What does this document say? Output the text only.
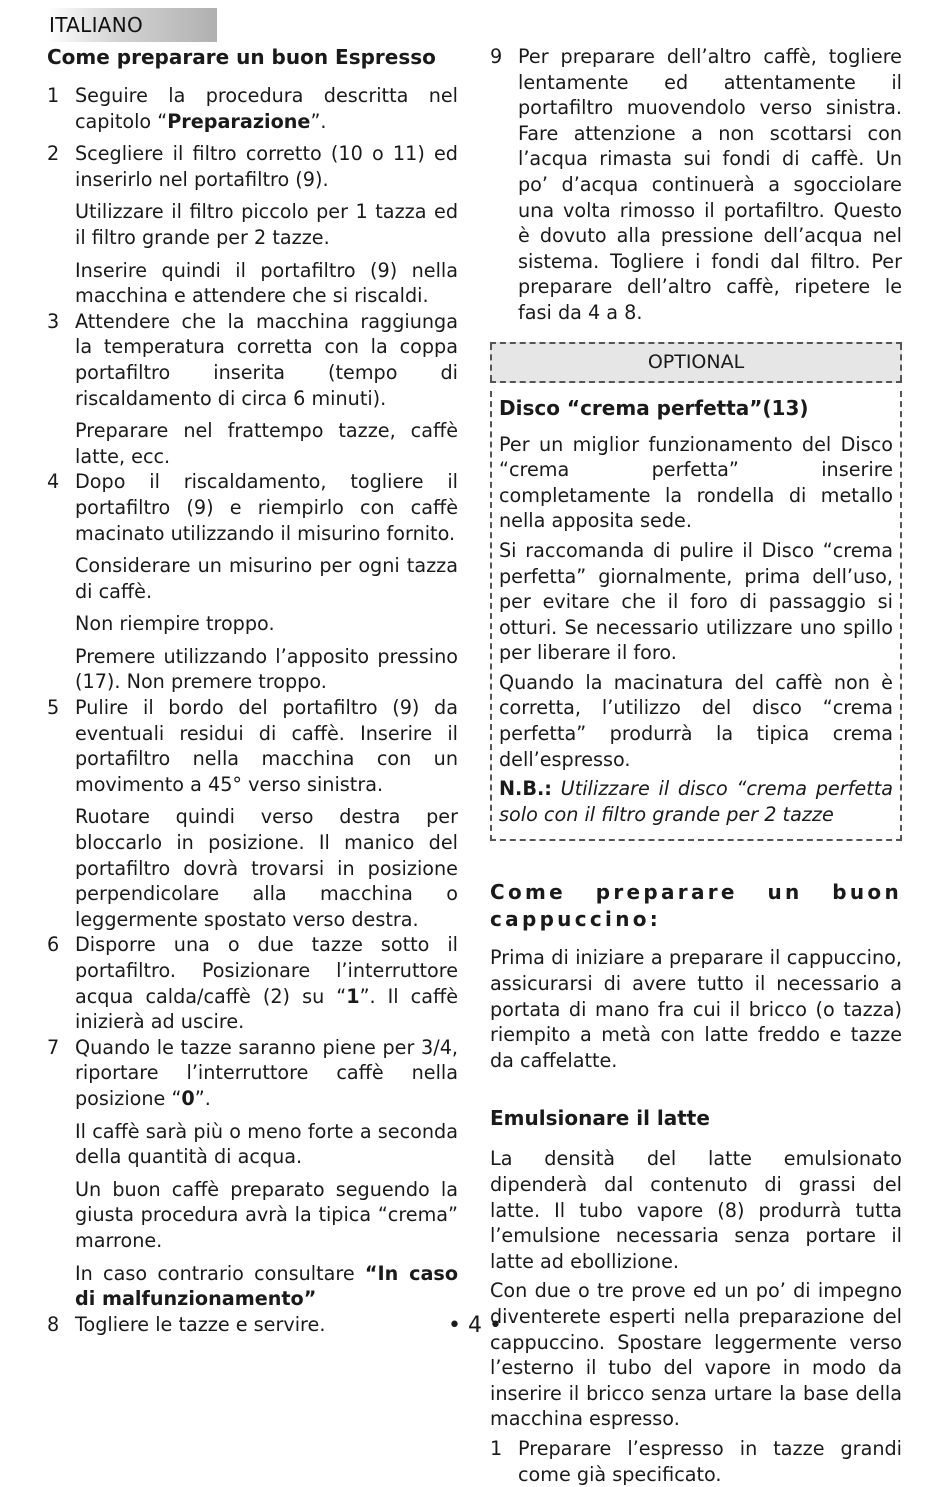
ITALIANO
Come preparare un buon Espresso
1 Seguire la procedura descritta nel capitolo “Preparazione”.

2 Scegliere il filtro corretto (10 o 11) ed inserirlo nel portafiltro (9).

Utilizzare il filtro piccolo per 1 tazza ed il filtro grande per 2 tazze.

Inserire quindi il portafiltro (9) nella macchina e attendere che si riscaldi.

3 Attendere che la macchina raggiunga la temperatura corretta con la coppa portafiltro inserita (tempo di riscaldamento di circa 6 minuti).

Preparare nel frattempo tazze, caffè latte, ecc.

4 Dopo il riscaldamento, togliere il portafiltro (9) e riempirlo con caffè macinato utilizzando il misurino fornito.

Considerare un misurino per ogni tazza di caffè.

Non riempire troppo.

Premere utilizzando l’apposito pressino (17). Non premere troppo.

5 Pulire il bordo del portafiltro (9) da eventuali residui di caffè. Inserire il portafiltro nella macchina con un movimento a 45° verso sinistra.

Ruotare quindi verso destra per bloccarlo in posizione. Il manico del portafiltro dovrà trovarsi in posizione perpendicolare alla macchina o leggermente spostato verso destra.

6 Disporre una o due tazze sotto il portafiltro. Posizionare l’interruttore acqua calda/caffè (2) su “1”. Il caffè inizierà ad uscire.

7 Quando le tazze saranno piene per 3/4, riportare l’interruttore caffè nella posizione “0”.

Il caffè sarà più o meno forte a seconda della quantità di acqua.

Un buon caffè preparato seguendo la giusta procedura avrà la tipica “crema” marrone.

In caso contrario consultare “In caso di malfunzionamento”

8 Togliere le tazze e servire.

9 Per preparare dell’altro caffè, togliere lentamente ed attentamente il portafiltro muovendolo verso sinistra. Fare attenzione a non scottarsi con l’acqua rimasta sui fondi di caffè. Un po’ d’acqua continuerà a sgocciolare una volta rimosso il portafiltro. Questo è dovuto alla pressione dell’acqua nel sistema. Togliere i fondi dal filtro. Per preparare dell’altro caffè, ripetere le fasi da 4 a 8.

OPTIONAL
Disco “crema perfetta”(13)

Per un miglior funzionamento del Disco “crema perfetta” inserire completamente la rondella di metallo nella apposita sede.

Si raccomanda di pulire il Disco “crema perfetta” giornalmente, prima dell’uso, per evitare che il foro di passaggio si otturi. Se necessario utilizzare uno spillo per liberare il foro.

Quando la macinatura del caffè non è corretta, l’utilizzo del disco “crema perfetta” produrrà la tipica crema dell’espresso.

N.B.: Utilizzare il disco “crema perfetta solo con il filtro grande per 2 tazze

Come preparare un buon
cappuccino:

Prima di iniziare a preparare il cappuccino, assicurarsi di avere tutto il necessario a portata di mano fra cui il bricco (o tazza) riempito a metà con latte freddo e tazze da caffelatte.

Emulsionare il latte

La densità del latte emulsionato dipenderà dal contenuto di grassi del latte. Il tubo vapore (8) produrrà tutta l’emulsione necessaria senza portare il latte ad ebollizione.

Con due o tre prove ed un po’ di impegno diventerete esperti nella preparazione del cappuccino. Spostare leggermente verso l’esterno il tubo del vapore in modo da inserire il bricco senza urtare la base della macchina espresso.

1 Preparare l’espresso in tazze grandi come già specificato.

• 4 •
